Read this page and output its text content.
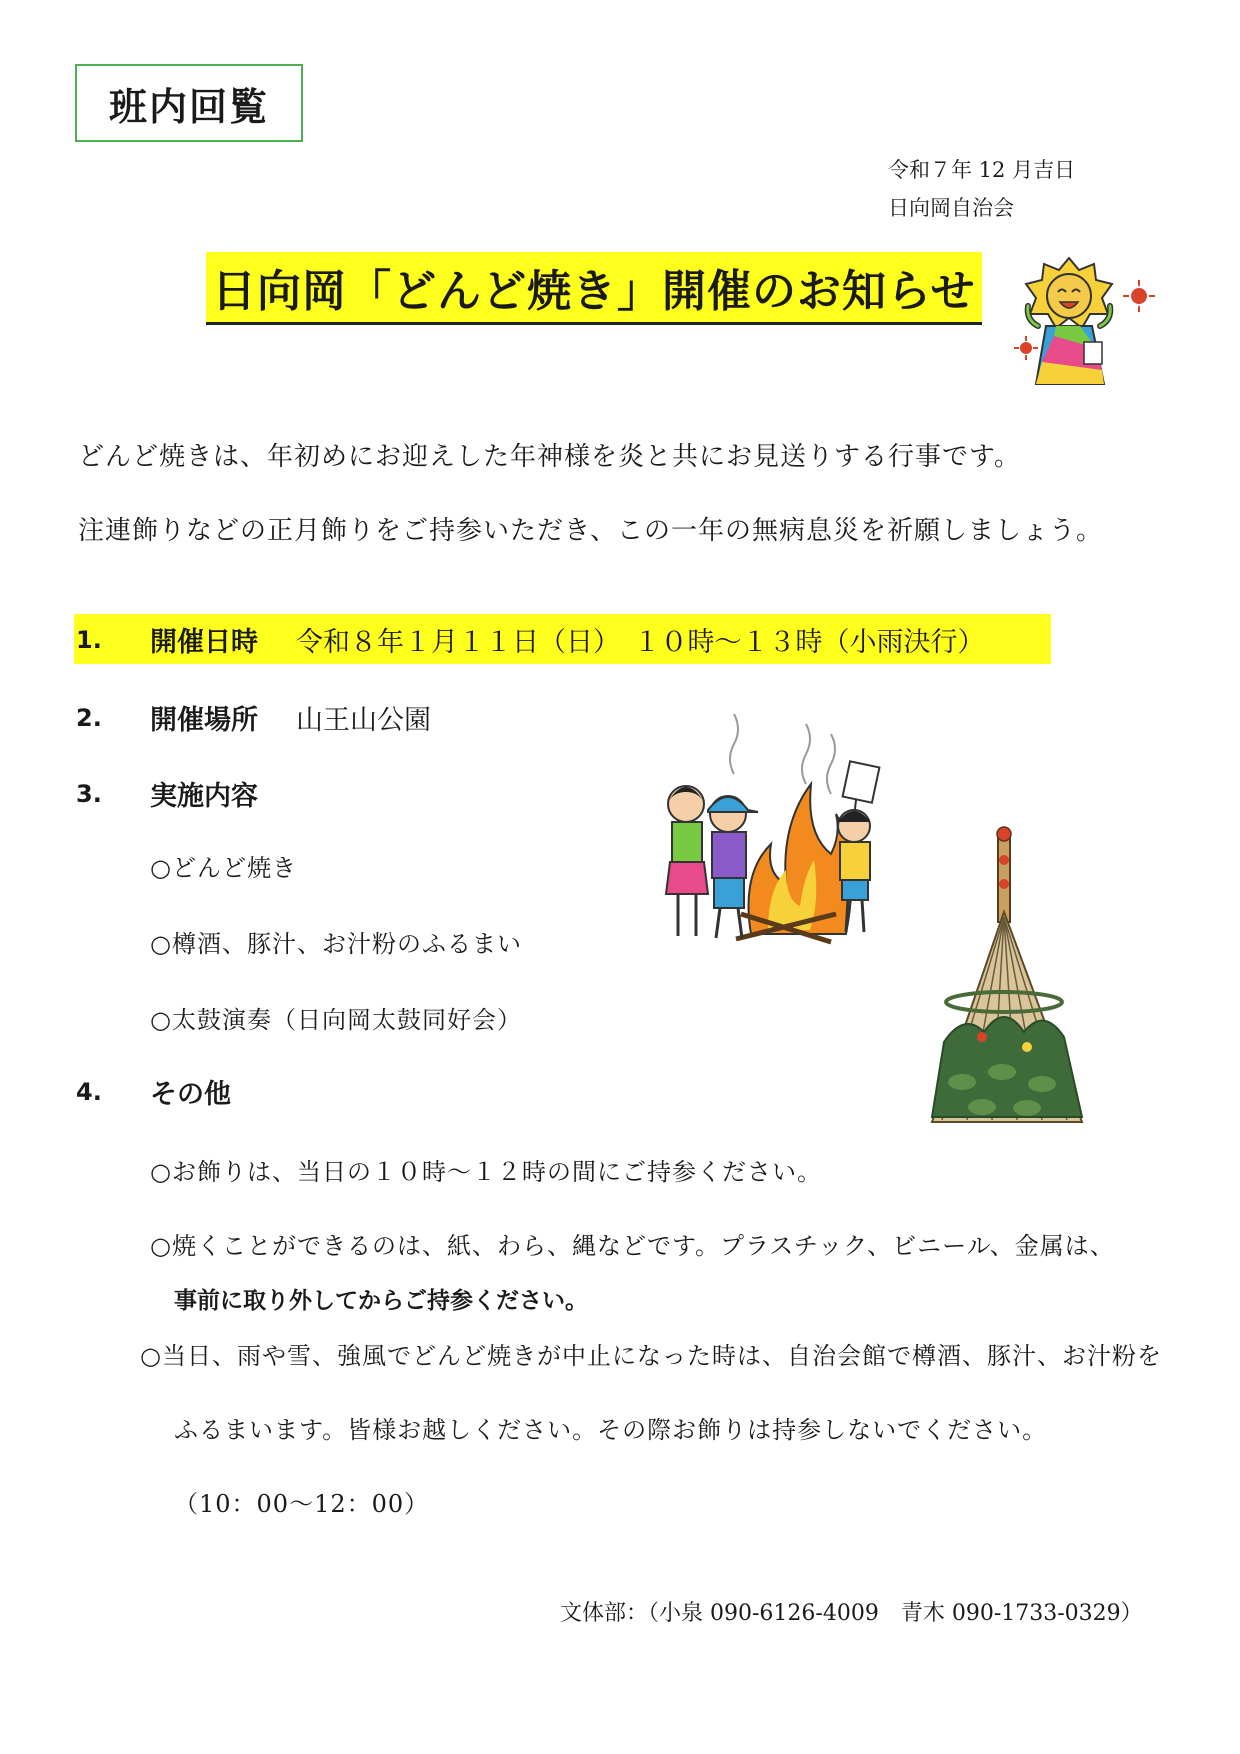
班内回覧
令和７年 12 月吉日
日向岡自治会
日向岡「どんど焼き」開催のお知らせ
どんど焼きは、年初めにお迎えした年神様を炎と共にお見送りする行事です。
注連飾りなどの正月飾りをご持参いただき、この一年の無病息災を祈願しましょう。
1. 開催日時 令和８年１月１１日（日）　１０時～１３時（小雨決行）
2. 開催場所 山王山公園
3. 実施内容
○どんど焼き
○樽酒、豚汁、お汁粉のふるまい
○太鼓演奏（日向岡太鼓同好会）
4. その他
○お飾りは、当日の１０時～１２時の間にご持参ください。
○焼くことができるのは、紙、わら、縄などです。プラスチック、ビニール、金属は、
事前に取り外してからご持参ください。
○当日、雨や雪、強風でどんど焼きが中止になった時は、自治会館で樽酒、豚汁、お汁粉を
ふるまいます。皆様お越しください。その際お飾りは持参しないでください。
（10：00～12：00）
文体部：（小泉 090-6126-4009　青木 090-1733-0329）
